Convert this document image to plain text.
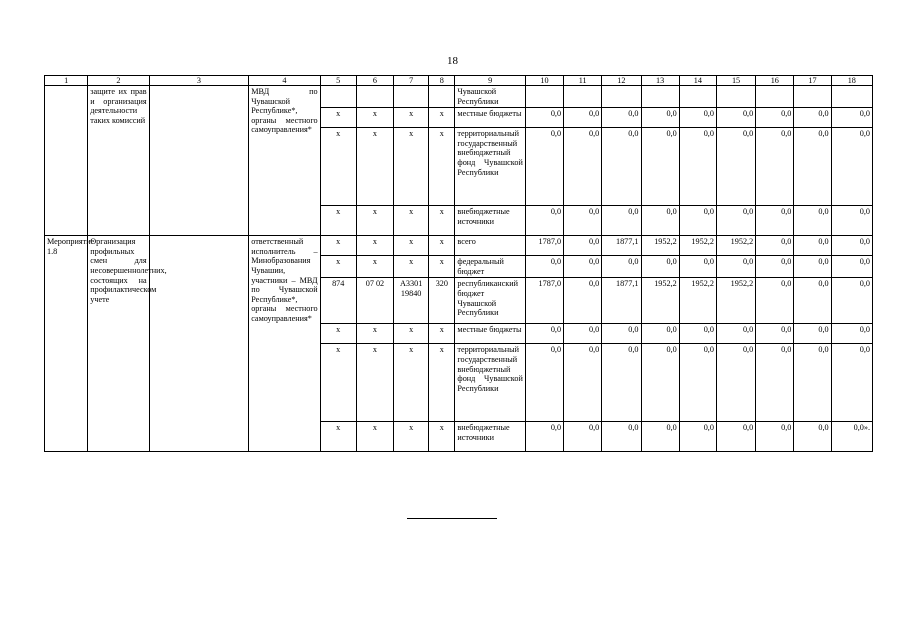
18
1	2	3	4	5	6	7	8	9	10	11	12	13	14	15	16	17	18
	защите их прав и организация деятельности таких комиссий		МВД по Чувашской Республике*, органы местного самоуправления*					Чувашской Республики									
				x	x	x	x	местные бюджеты	0,0	0,0	0,0	0,0	0,0	0,0	0,0	0,0	0,0
				x	x	x	x	территориальный государственный внебюджетный фонд Чувашской Республики	0,0	0,0	0,0	0,0	0,0	0,0	0,0	0,0	0,0
				x	x	x	x	внебюджетные источники	0,0	0,0	0,0	0,0	0,0	0,0	0,0	0,0	0,0
Мероприятие 1.8	Организация профильных смен для несовершеннолетних, состоящих на профилактическом учете		ответственный исполнитель – Минобразования Чувашии, участники – МВД по Чувашской Республике*, органы местного самоуправления*	x	x	x	x	всего	1787,0	0,0	1877,1	1952,2	1952,2	1952,2	0,0	0,0	0,0
				x	x	x	x	федеральный бюджет	0,0	0,0	0,0	0,0	0,0	0,0	0,0	0,0	0,0
				874	07 02	А3301 19840	320	республиканский бюджет Чувашской Республики	1787,0	0,0	1877,1	1952,2	1952,2	1952,2	0,0	0,0	0,0
				x	x	x	x	местные бюджеты	0,0	0,0	0,0	0,0	0,0	0,0	0,0	0,0	0,0
				x	x	x	x	территориальный государственный внебюджетный фонд Чувашской Республики	0,0	0,0	0,0	0,0	0,0	0,0	0,0	0,0	0,0
				x	x	x	x	внебюджетные источники	0,0	0,0	0,0	0,0	0,0	0,0	0,0	0,0	0,0».
